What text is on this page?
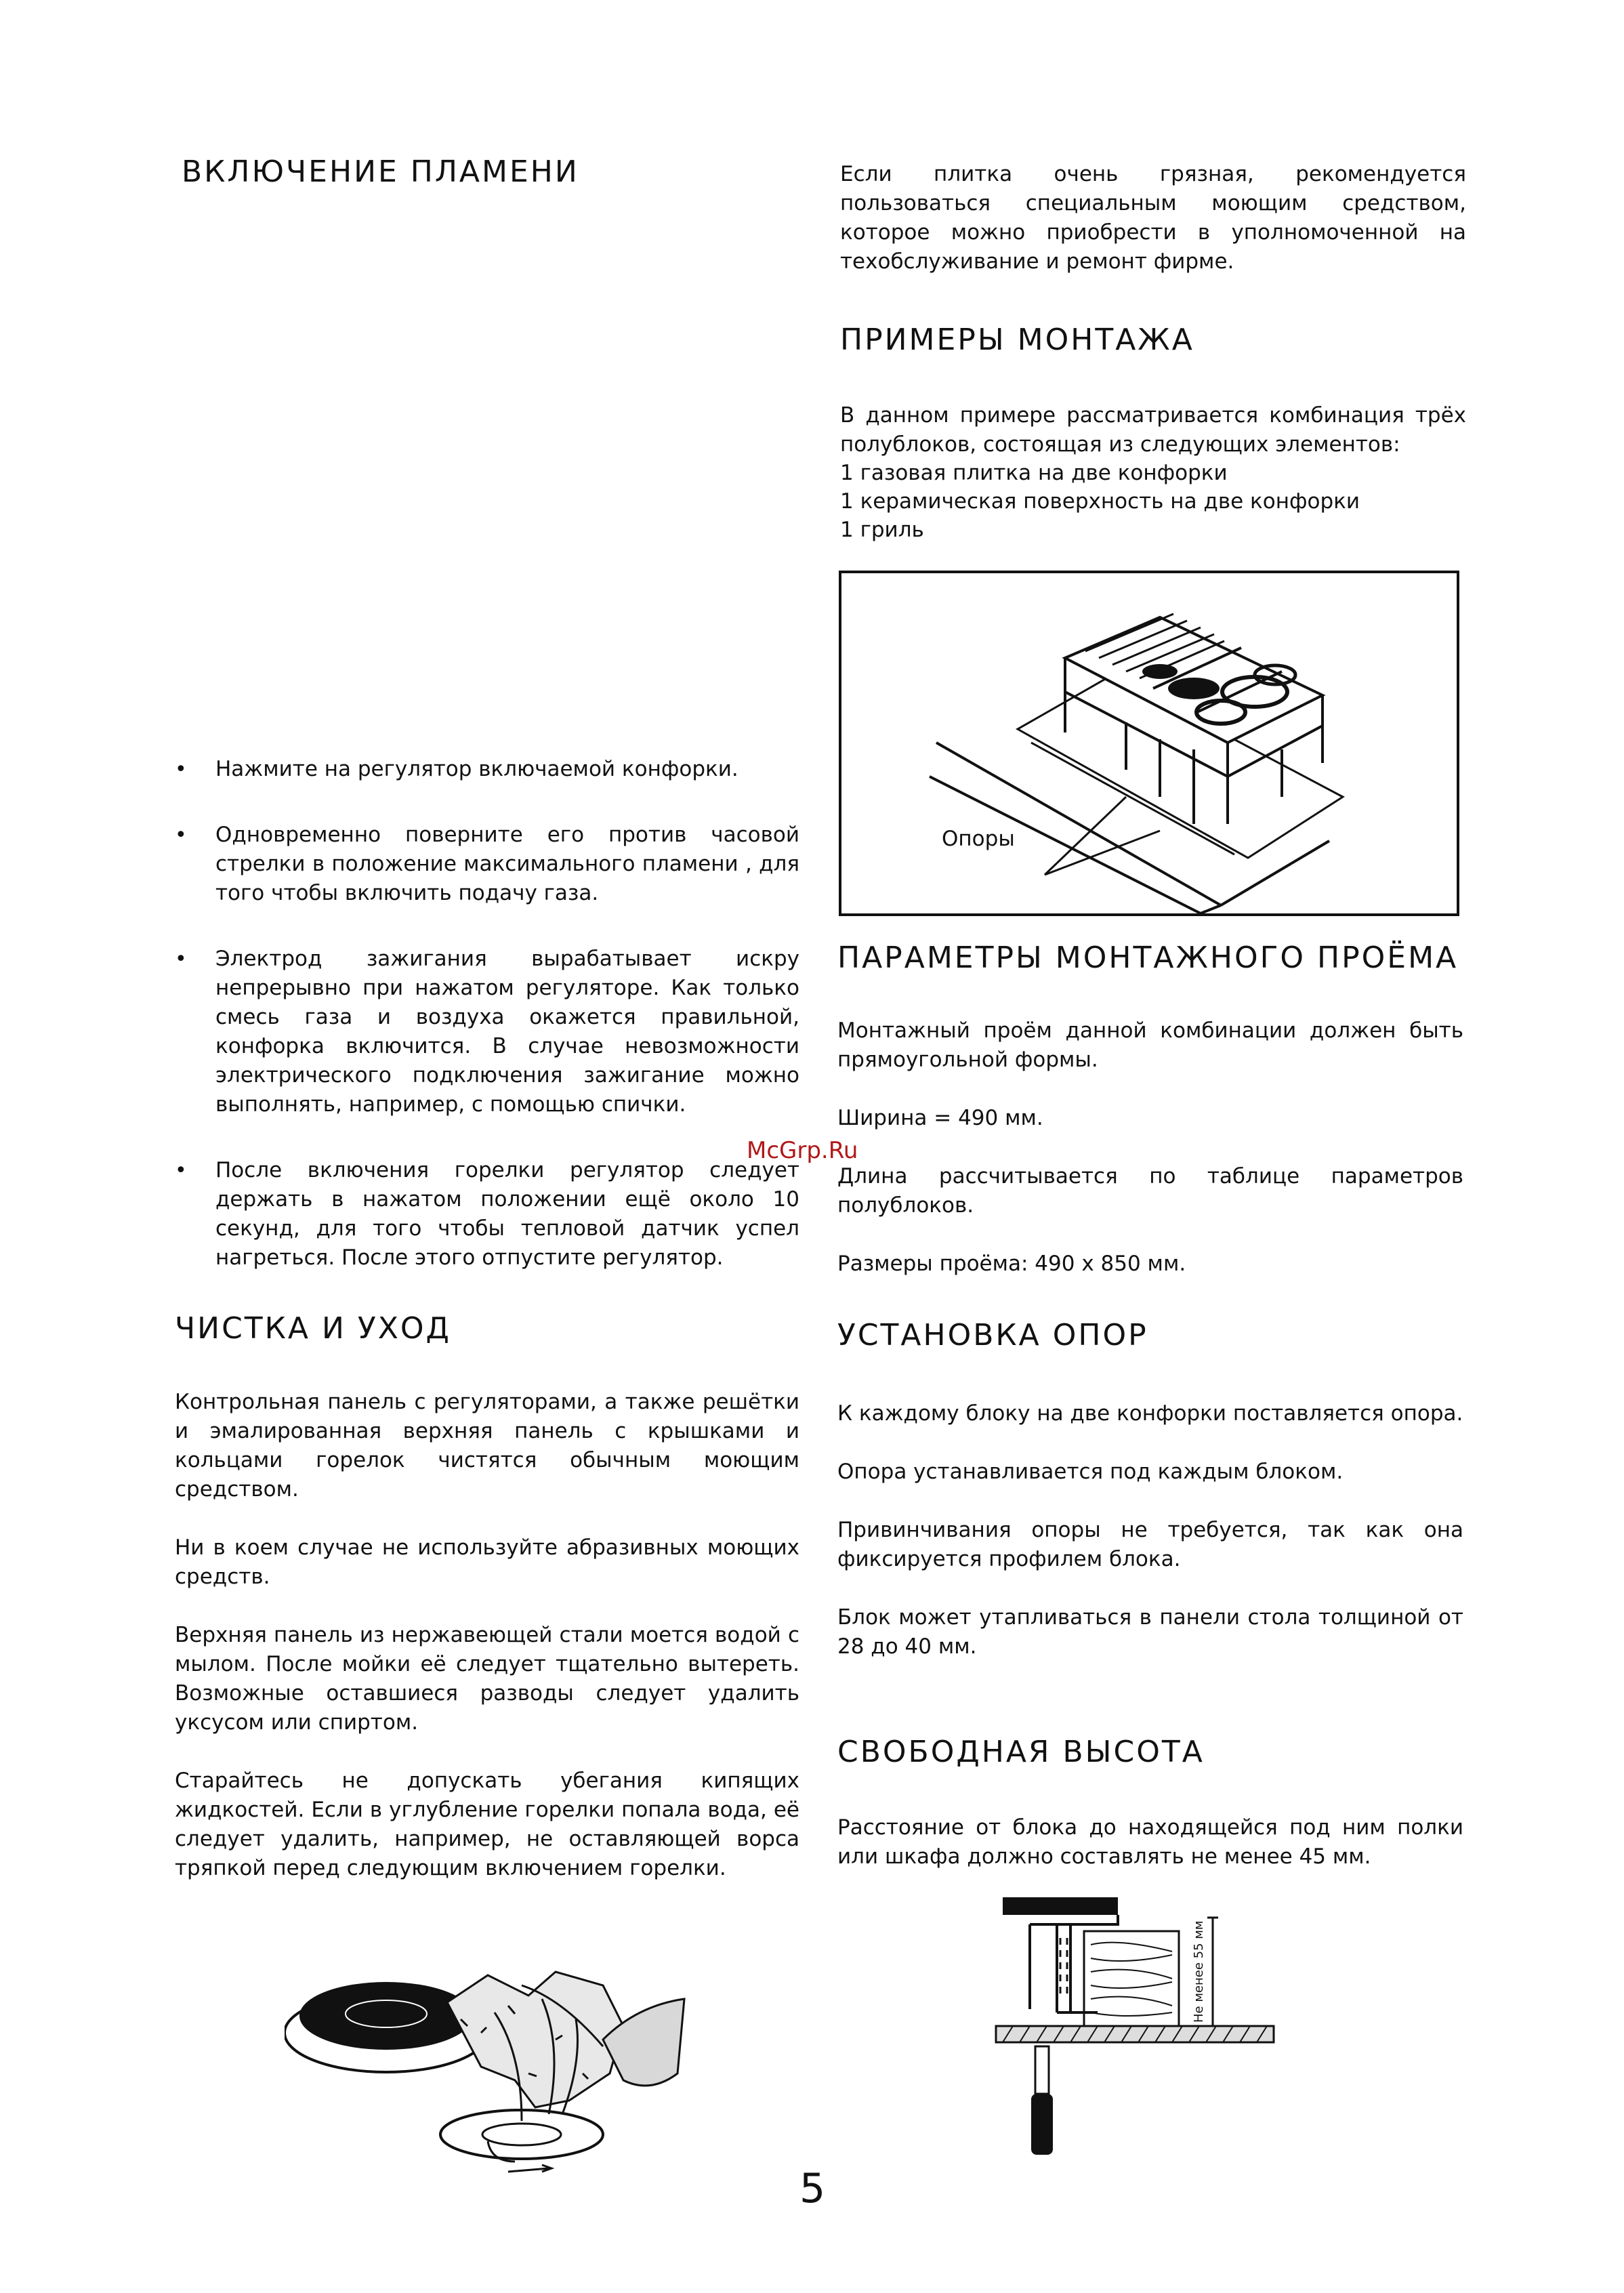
ВКЛЮЧЕНИЕ ПЛАМЕНИ
• Нажмите на регулятор включаемой конфорки.
• Одновременно поверните его против часовой стрелки в положение максимального пламени , для того чтобы включить подачу газа.
• Электрод зажигания вырабатывает искру непрерывно при нажатом регуляторе. Как только смесь газа и воздуха окажется правильной, конфорка включится. В случае невозможности электрического подключения зажигание можно выполнять, например, с помощью спички.
• После включения горелки регулятор следует держать в нажатом положении ещё около 10 секунд, для того чтобы тепловой датчик успел нагреться. После этого отпустите регулятор.
ЧИСТКА И УХОД

Контрольная панель с регуляторами, а также решётки и эмалированная верхняя панель с крышками и кольцами горелок чистятся обычным моющим средством.

Ни в коем случае не используйте абразивных моющих средств.

Верхняя панель из нержавеющей стали моется водой с мылом. После мойки её следует тщательно вытереть. Возможные оставшиеся разводы следует удалить уксусом или спиртом.

Старайтесь не допускать убегания кипящих жидкостей. Если в углубление горелки попала вода, её следует удалить, например, не оставляющей ворса тряпкой перед следующим включением горелки.

Если плитка очень грязная, рекомендуется пользоваться специальным моющим средством, которое можно приобрести в уполномоченной на техобслуживание и ремонт фирме.

ПРИМЕРЫ МОНТАЖА

В данном примере рассматривается комбинация трёх полублоков, состоящая из следующих элементов:

1 газовая плитка на две конфорки

1 керамическая поверхность на две конфорки

1 гриль

Опоры
ПАРАМЕТРЫ МОНТАЖНОГО ПРОЁМА

Монтажный проём данной комбинации должен быть прямоугольной формы.

Ширина = 490 мм.

Длина рассчитывается по таблице параметров полублоков.

Размеры проёма: 490 x 850 мм.

УСТАНОВКА ОПОР

К каждому блоку на две конфорки поставляется опора.

Опора устанавливается под каждым блоком.

Привинчивания опоры не требуется, так как она фиксируется профилем блока.

Блок может утапливаться в панели стола толщиной от 28 до 40 мм.

СВОБОДНАЯ ВЫСОТА

Расстояние от блока до находящейся под ним полки или шкафа должно составлять не менее 45 мм.

Не менее 55 мм
McGrp.Ru
5
